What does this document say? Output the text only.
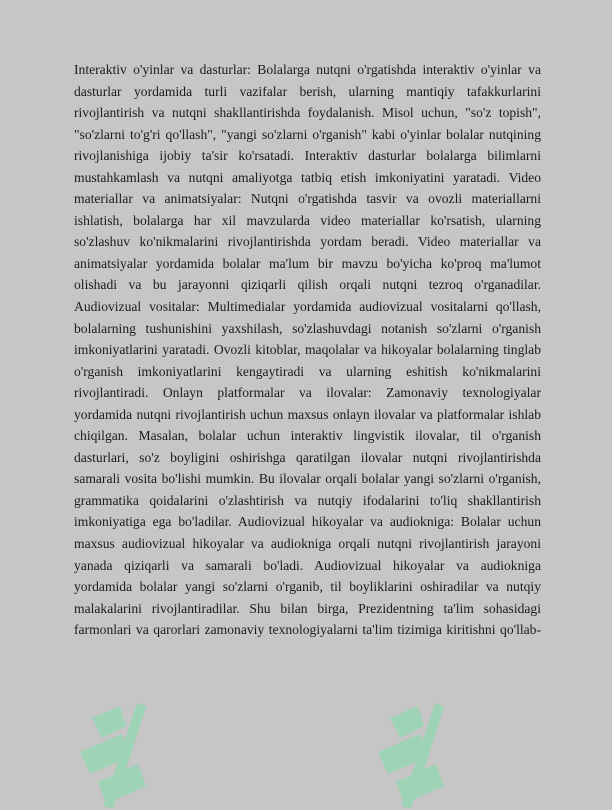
Interaktiv o'yinlar va dasturlar: Bolalarga nutqni o'rgatishda interaktiv o'yinlar va
dasturlar yordamida turli vazifalar berish, ularning mantiqiy tafakkurlarini
rivojlantirish va nutqni shakllantirishda foydalanish. Misol uchun, "so'z topish",
"so'zlarni to'g'ri qo'llash", "yangi so'zlarni o'rganish" kabi o'yinlar bolalar nutqining
rivojlanishiga ijobiy ta'sir ko'rsatadi. Interaktiv dasturlar bolalarga bilimlarni
mustahkamlash va nutqni amaliyotga tatbiq etish imkoniyatini yaratadi. Video
materiallar va animatsiyalar: Nutqni o'rgatishda tasvir va ovozli materiallarni
ishlatish, bolalarga har xil mavzularda video materiallar ko'rsatish, ularning
so'zlashuv ko'nikmalarini rivojlantirishda yordam beradi. Video materiallar va
animatsiyalar yordamida bolalar ma'lum bir mavzu bo'yicha ko'proq ma'lumot
olishadi va bu jarayonni qiziqarli qilish orqali nutqni tezroq o'rganadilar.
Audiovizual vositalar: Multimedialar yordamida audiovizual vositalarni qo'llash,
bolalarning tushunishini yaxshilash, so'zlashuvdagi notanish so'zlarni o'rganish
imkoniyatlarini yaratadi. Ovozli kitoblar, maqolalar va hikoyalar bolalarning tinglab
o'rganish imkoniyatlarini kengaytiradi va ularning eshitish ko'nikmalarini
rivojlantiradi. Onlayn platformalar va ilovalar: Zamonaviy texnologiyalar
yordamida nutqni rivojlantirish uchun maxsus onlayn ilovalar va platformalar ishlab
chiqilgan. Masalan, bolalar uchun interaktiv lingvistik ilovalar, til o'rganish
dasturlari, so'z boyligini oshirishga qaratilgan ilovalar nutqni rivojlantirishda
samarali vosita bo'lishi mumkin. Bu ilovalar orqali bolalar yangi so'zlarni o'rganish,
grammatika qoidalarini o'zlashtirish va nutqiy ifodalarini to'liq shakllantirish
imkoniyatiga ega bo'ladilar. Audiovizual hikoyalar va audiokniga: Bolalar uchun
maxsus audiovizual hikoyalar va audiokniga orqali nutqni rivojlantirish jarayoni
yanada qiziqarli va samarali bo'ladi. Audiovizual hikoyalar va audiokniga
yordamida bolalar yangi so'zlarni o'rganib, til boyliklarini oshiradilar va nutqiy
malakalarini rivojlantiradilar. Shu bilan birga, Prezidentning ta'lim sohasidagi
farmonlari va qarorlari zamonaviy texnologiyalarni ta'lim tizimiga kiritishni qo'llab-
